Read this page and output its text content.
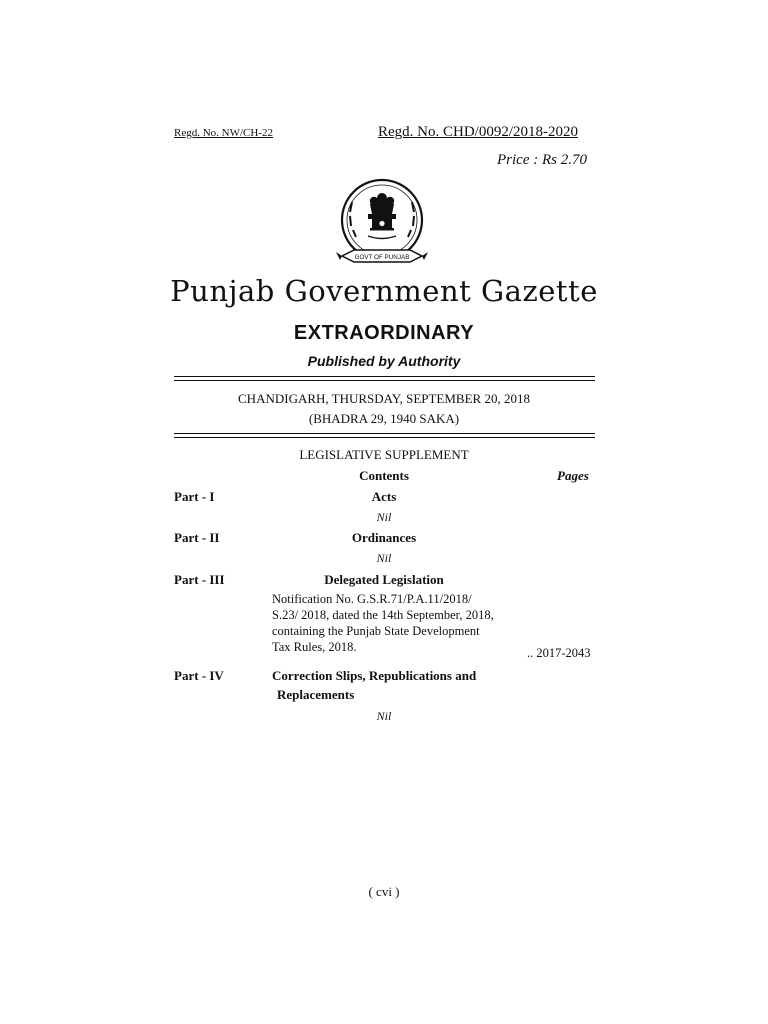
Regd. No. NW/CH-22	Regd. No. CHD/0092/2018-2020
Price : Rs 2.70
GOVT OF PUNJAB
Punjab Government Gazette
EXTRAORDINARY
Published by Authority
CHANDIGARH, THURSDAY, SEPTEMBER 20, 2018
(BHADRA 29, 1940 SAKA)
LEGISLATIVE SUPPLEMENT
Contents	Pages
Part - I	Acts
Nil
Part - II	Ordinances
Nil
Part - III	Delegated Legislation
Notification No. G.S.R.71/P.A.11/2018/
S.23/ 2018, dated the 14th September, 2018,
containing the Punjab State Development
Tax Rules, 2018.	.. 2017-2043
Part - IV	Correction Slips, Republications and
Replacements
Nil
( cvi )
